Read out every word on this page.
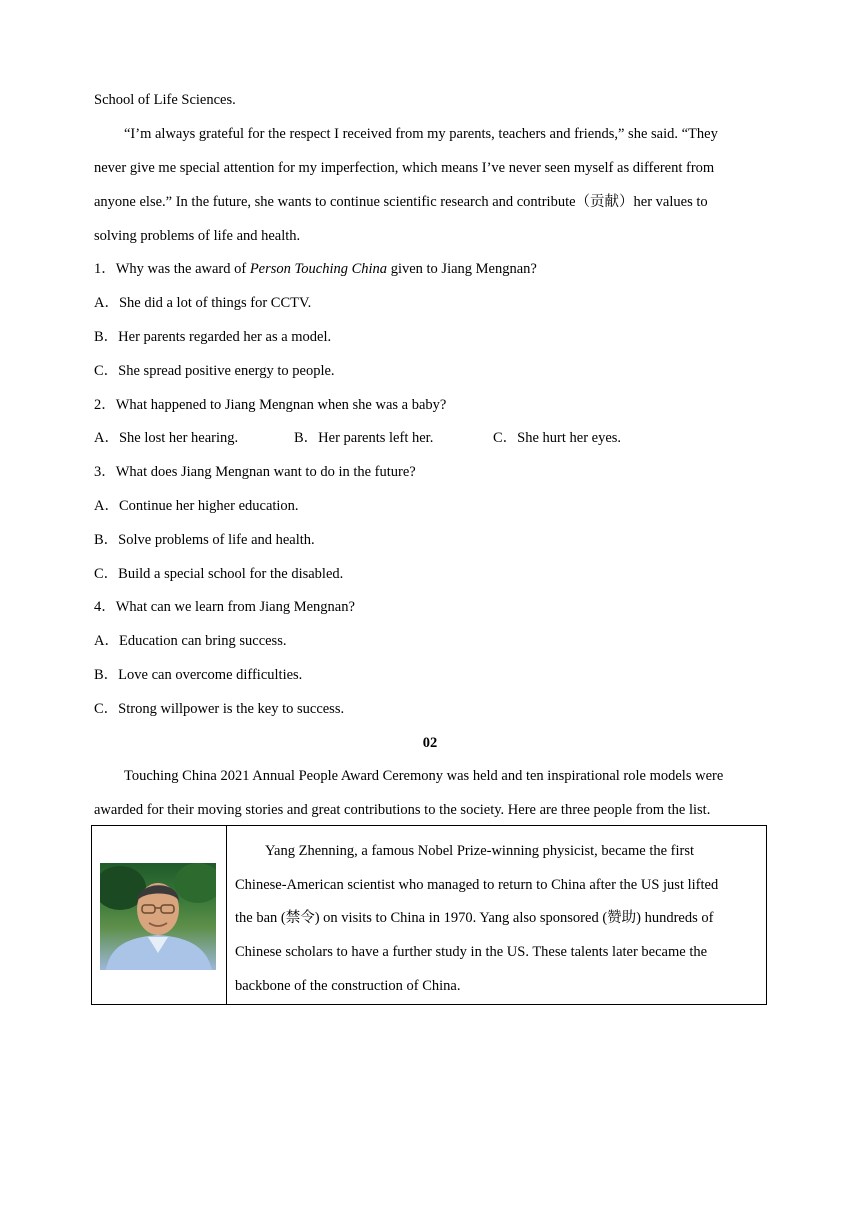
School of Life Sciences.
“I’m always grateful for the respect I received from my parents, teachers and friends,” she said. “They
never give me special attention for my imperfection, which means I’ve never seen myself as different from
anyone else.” In the future, she wants to continue scientific research and contribute（贡献）her values to
solving problems of life and health.
1．Why was the award of Person Touching China given to Jiang Mengnan?
A．She did a lot of things for CCTV.
B．Her parents regarded her as a model.
C．She spread positive energy to people.
2．What happened to Jiang Mengnan when she was a baby?
A．She lost her hearing.	B．Her parents left her.	C．She hurt her eyes.
3．What does Jiang Mengnan want to do in the future?
A．Continue her higher education.
B．Solve problems of life and health.
C．Build a special school for the disabled.
4．What can we learn from Jiang Mengnan?
A．Education can bring success.
B．Love can overcome difficulties.
C．Strong willpower is the key to success.
02
Touching China 2021 Annual People Award Ceremony was held and ten inspirational role models were
awarded for their moving stories and great contributions to the society. Here are three people from the list.
Yang Zhenning, a famous Nobel Prize-winning physicist, became the first
Chinese-American scientist who managed to return to China after the US just lifted
the ban (禁令) on visits to China in 1970. Yang also sponsored (赞助) hundreds of
Chinese scholars to have a further study in the US. These talents later became the
backbone of the construction of China.
